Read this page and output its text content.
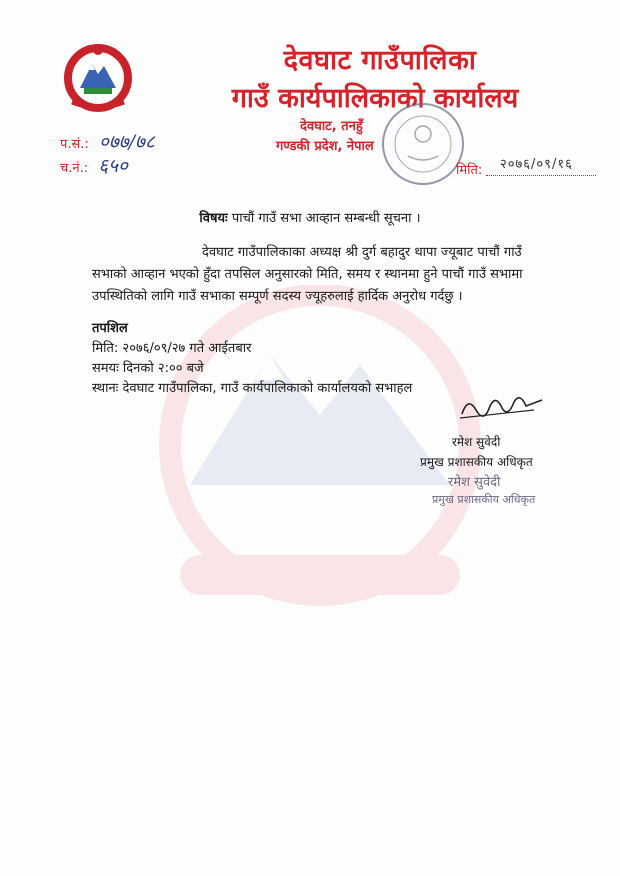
देवघाट गाउँपालिका
गाउँ कार्यपालिकाको कार्यालय
देवघाट, तनहुँ
गण्डकी प्रदेश, नेपाल
प.सं.: ०७७/७८
च.नं.: ६५०	मिति: २०७६/०९/१६
विषयः पाचौं गाउँ सभा आव्हान सम्बन्धी सूचना ।
देवघाट गाउँपालिकाका अध्यक्ष श्री दुर्ग बहादुर थापा ज्यूबाट पाचौं गाउँ सभाको आव्हान भएको हुँदा तपसिल अनुसारको मिति, समय र स्थानमा हुने पाचौं गाउँ सभामा उपस्थितिको लागि गाउँ सभाका सम्पूर्ण सदस्य ज्यूहरुलाई हार्दिक अनुरोध गर्दछु ।
तपशिल
मिति: २०७६/०९/२७ गते आईतबार
समयः दिनको २:०० बजे
स्थानः देवघाट गाउँपालिका, गाउँ कार्यपालिकाको कार्यालयको सभाहल
रमेश सुवेदी
प्रमुख प्रशासकीय अधिकृत
रमेश सुवेदी
प्रमुख प्रशासकीय अधिकृत
